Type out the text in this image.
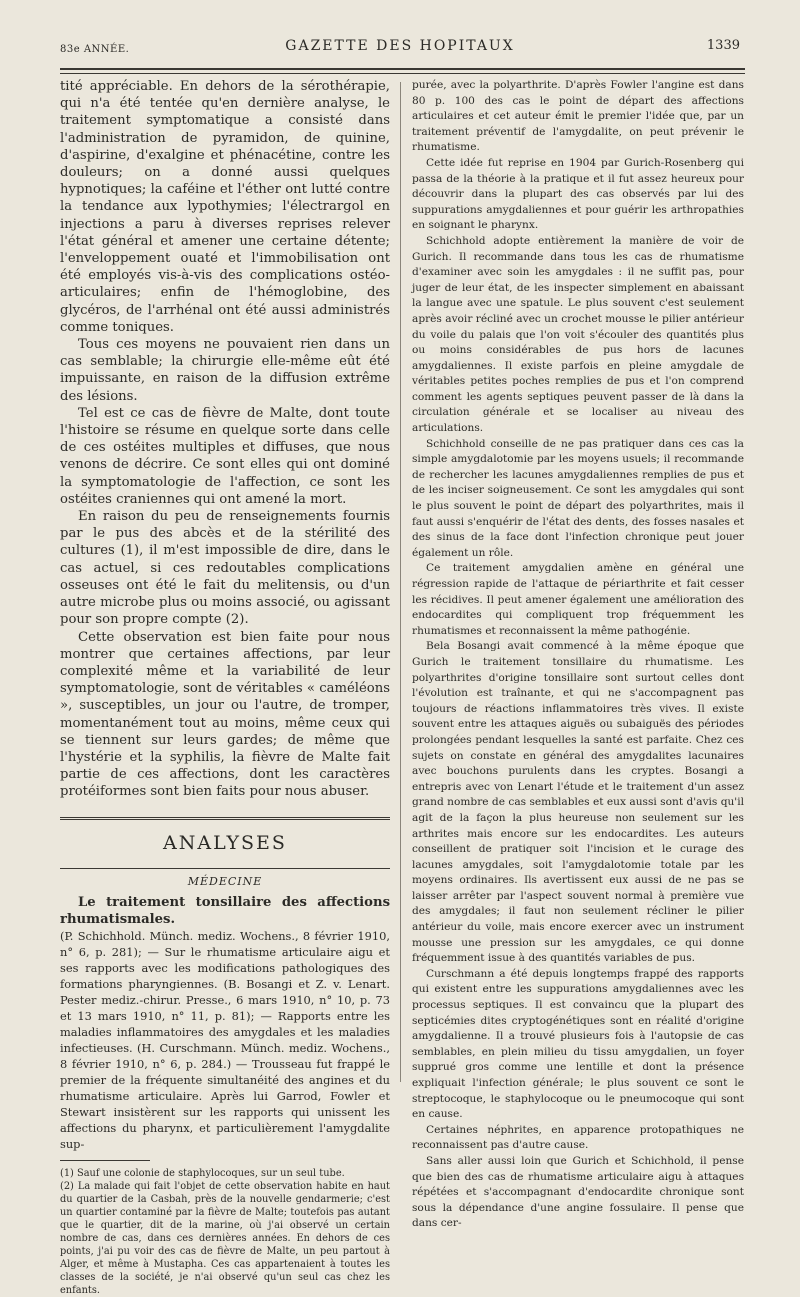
83e ANNÉE.	GAZETTE DES HOPITAUX	1339

tité appréciable. En dehors de la sérothérapie, qui n'a été tentée qu'en dernière analyse, le traitement symptomatique a consisté dans l'administration de pyramidon, de quinine, d'aspirine, d'exalgine et phénacétine, contre les douleurs; on a donné aussi quelques hypnotiques; la caféine et l'éther ont lutté contre la tendance aux lypothymies; l'électrargol en injections a paru à diverses reprises relever l'état général et amener une certaine détente; l'enveloppement ouaté et l'immobilisation ont été employés vis-à-vis des complications ostéo-articulaires; enfin de l'hémoglobine, des glycéros, de l'arrhénal ont été aussi administrés comme toniques.

Tous ces moyens ne pouvaient rien dans un cas semblable; la chirurgie elle-même eût été impuissante, en raison de la diffusion extrême des lésions.

Tel est ce cas de fièvre de Malte, dont toute l'histoire se résume en quelque sorte dans celle de ces ostéites multiples et diffuses, que nous venons de décrire. Ce sont elles qui ont dominé la symptomatologie de l'affection, ce sont les ostéites craniennes qui ont amené la mort.

En raison du peu de renseignements fournis par le pus des abcès et de la stérilité des cultures (1), il m'est impossible de dire, dans le cas actuel, si ces redoutables complications osseuses ont été le fait du melitensis, ou d'un autre microbe plus ou moins associé, ou agissant pour son propre compte (2).

Cette observation est bien faite pour nous montrer que certaines affections, par leur complexité même et la variabilité de leur symptomatologie, sont de véritables « caméléons », susceptibles, un jour ou l'autre, de tromper, momentanément tout au moins, même ceux qui se tiennent sur leurs gardes; de même que l'hystérie et la syphilis, la fièvre de Malte fait partie de ces affections, dont les caractères protéiformes sont bien faits pour nous abuser.

ANALYSES
MÉDECINE

Le traitement tonsillaire des affections rhumatismales.

(P. Schichhold. Münch. mediz. Wochens., 8 février 1910, n° 6, p. 281); — Sur le rhumatisme articulaire aigu et ses rapports avec les modifications pathologiques des formations pharyngiennes. (B. Bosangi et Z. v. Lenart. Pester mediz.-chirur. Presse., 6 mars 1910, n° 10, p. 73 et 13 mars 1910, n° 11, p. 81); — Rapports entre les maladies inflammatoires des amygdales et les maladies infectieuses. (H. Curschmann. Münch. mediz. Wochens., 8 février 1910, n° 6, p. 284.) — Trousseau fut frappé le premier de la fréquente simultanéité des angines et du rhumatisme articulaire. Après lui Garrod, Fowler et Stewart insistèrent sur les rapports qui unissent les affections du pharynx, et particulièrement l'amygdalite sup-

(1) Sauf une colonie de staphylocoques, sur un seul tube.

(2) La malade qui fait l'objet de cette observation habite en haut du quartier de la Casbah, près de la nouvelle gendarmerie; c'est un quartier contaminé par la fièvre de Malte; toutefois pas autant que le quartier, dit de la marine, où j'ai observé un certain nombre de cas, dans ces dernières années. En dehors de ces points, j'ai pu voir des cas de fièvre de Malte, un peu partout à Alger, et même à Mustapha. Ces cas appartenaient à toutes les classes de la société, je n'ai observé qu'un seul cas chez les enfants.

purée, avec la polyarthrite. D'après Fowler l'angine est dans 80 p. 100 des cas le point de départ des affections articulaires et cet auteur émit le premier l'idée que, par un traitement préventif de l'amygdalite, on peut prévenir le rhumatisme.

Cette idée fut reprise en 1904 par Gurich-Rosenberg qui passa de la théorie à la pratique et il fut assez heureux pour découvrir dans la plupart des cas observés par lui des suppurations amygdaliennes et pour guérir les arthropathies en soignant le pharynx.

Schichhold adopte entièrement la manière de voir de Gurich. Il recommande dans tous les cas de rhumatisme d'examiner avec soin les amygdales : il ne suffit pas, pour juger de leur état, de les inspecter simplement en abaissant la langue avec une spatule. Le plus souvent c'est seulement après avoir récliné avec un crochet mousse le pilier antérieur du voile du palais que l'on voit s'écouler des quantités plus ou moins considérables de pus hors de lacunes amygdaliennes. Il existe parfois en pleine amygdale de véritables petites poches remplies de pus et l'on comprend comment les agents septiques peuvent passer de là dans la circulation générale et se localiser au niveau des articulations.

Schichhold conseille de ne pas pratiquer dans ces cas la simple amygdalotomie par les moyens usuels; il recommande de rechercher les lacunes amygdaliennes remplies de pus et de les inciser soigneusement. Ce sont les amygdales qui sont le plus souvent le point de départ des polyarthrites, mais il faut aussi s'enquérir de l'état des dents, des fosses nasales et des sinus de la face dont l'infection chronique peut jouer également un rôle.

Ce traitement amygdalien amène en général une régression rapide de l'attaque de périarthrite et fait cesser les récidives. Il peut amener également une amélioration des endocardites qui compliquent trop fréquemment les rhumatismes et reconnaissent la même pathogénie.

Bela Bosangi avait commencé à la même époque que Gurich le traitement tonsillaire du rhumatisme. Les polyarthrites d'origine tonsillaire sont surtout celles dont l'évolution est traînante, et qui ne s'accompagnent pas toujours de réactions inflammatoires très vives. Il existe souvent entre les attaques aiguës ou subaiguës des périodes prolongées pendant lesquelles la santé est parfaite. Chez ces sujets on constate en général des amygdalites lacunaires avec bouchons purulents dans les cryptes. Bosangi a entrepris avec von Lenart l'étude et le traitement d'un assez grand nombre de cas semblables et eux aussi sont d'avis qu'il agit de la façon la plus heureuse non seulement sur les arthrites mais encore sur les endocardites. Les auteurs conseillent de pratiquer soit l'incision et le curage des lacunes amygdales, soit l'amygdalotomie totale par les moyens ordinaires. Ils avertissent eux aussi de ne pas se laisser arrêter par l'aspect souvent normal à première vue des amygdales; il faut non seulement récliner le pilier antérieur du voile, mais encore exercer avec un instrument mousse une pression sur les amygdales, ce qui donne fréquemment issue à des quantités variables de pus.

Curschmann a été depuis longtemps frappé des rapports qui existent entre les suppurations amygdaliennes avec les processus septiques. Il est convaincu que la plupart des septicémies dites cryptogénétiques sont en réalité d'origine amygdalienne. Il a trouvé plusieurs fois à l'autopsie de cas semblables, en plein milieu du tissu amygdalien, un foyer supprué gros comme une lentille et dont la présence expliquait l'infection générale; le plus souvent ce sont le streptocoque, le staphylocoque ou le pneumocoque qui sont en cause.

Certaines néphrites, en apparence protopathiques ne reconnaissent pas d'autre cause.

Sans aller aussi loin que Gurich et Schichhold, il pense que bien des cas de rhumatisme articulaire aigu à attaques répétées et s'accompagnant d'endocardite chronique sont sous la dépendance d'une angine fossulaire. Il pense que dans cer-
